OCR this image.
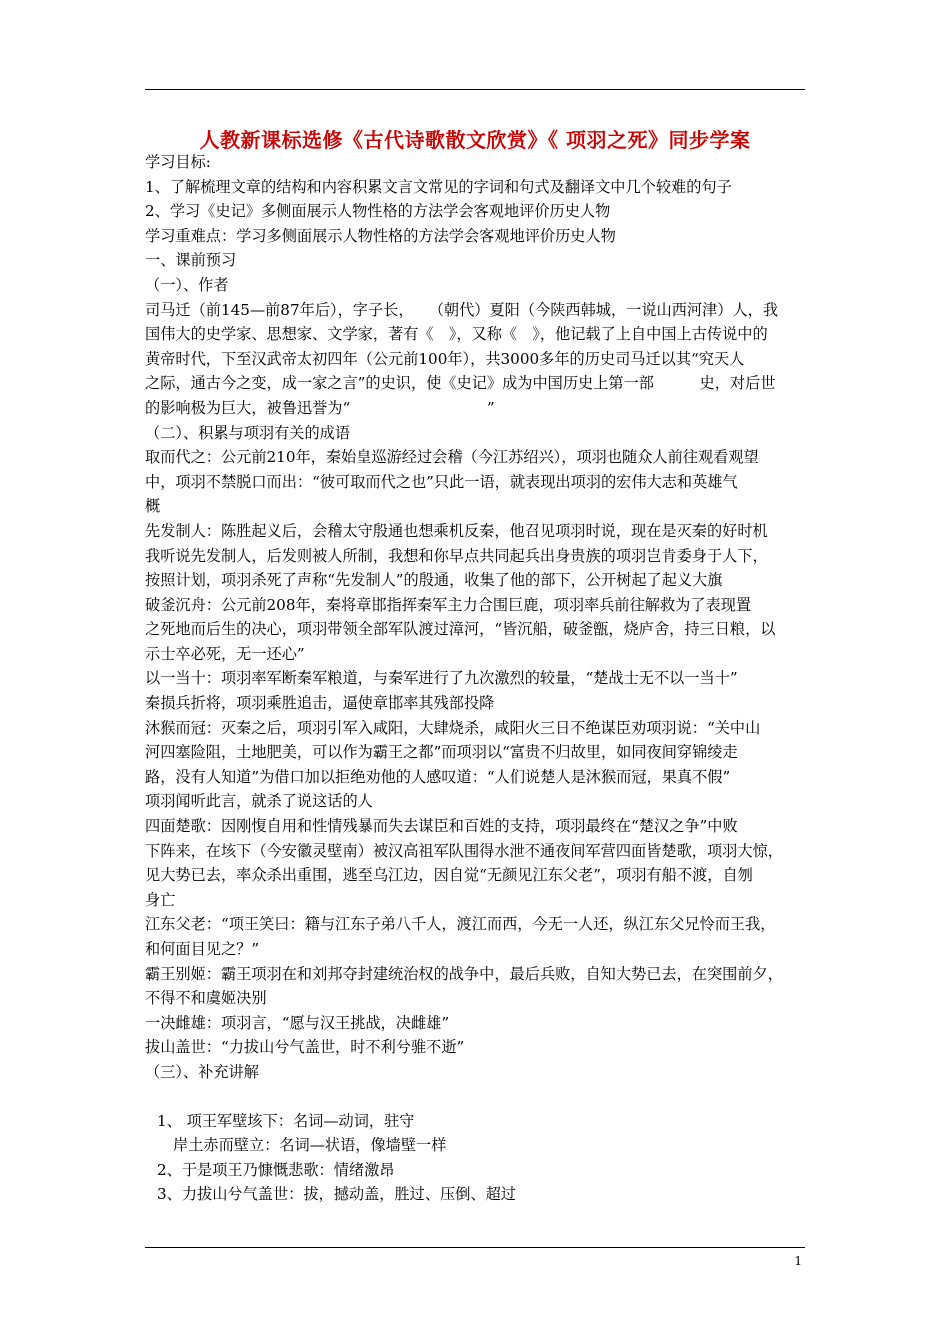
人教新课标选修《古代诗歌散文欣赏》《 项羽之死》同步学案
学习目标:
1、了解梳理文章的结构和内容积累文言文常见的字词和句式及翻译文中几个较难的句子
2、学习《史记》多侧面展示人物性格的方法学会客观地评价历史人物
学习重难点：学习多侧面展示人物性格的方法学会客观地评价历史人物
一、课前预习
（一）、作者
司马迁（前145—前87年后），字子长，　　（朝代）夏阳（今陕西韩城，一说山西河津）人，我
国伟大的史学家、思想家、文学家，著有《　》，又称《　》，他记载了上自中国上古传说中的
黄帝时代，下至汉武帝太初四年（公元前100年），共3000多年的历史司马迁以其“究天人
之际，通古今之变，成一家之言”的史识，使《史记》成为中国历史上第一部　　　史，对后世
的影响极为巨大，被鲁迅誉为“　　　　　　　　　”
（二）、积累与项羽有关的成语
取而代之：公元前210年，秦始皇巡游经过会稽（今江苏绍兴），项羽也随众人前往观看观望
中，项羽不禁脱口而出：“彼可取而代之也”只此一语，就表现出项羽的宏伟大志和英雄气
概
先发制人：陈胜起义后，会稽太守殷通也想乘机反秦，他召见项羽时说，现在是灭秦的好时机
我听说先发制人，后发则被人所制，我想和你早点共同起兵出身贵族的项羽岂肯委身于人下，
按照计划，项羽杀死了声称“先发制人”的殷通，收集了他的部下，公开树起了起义大旗
破釜沉舟：公元前208年，秦将章邯指挥秦军主力合围巨鹿，项羽率兵前往解救为了表现置
之死地而后生的决心，项羽带领全部军队渡过漳河，“皆沉船，破釜甑，烧庐舍，持三日粮，以
示士卒必死，无一还心”
以一当十：项羽率军断秦军粮道，与秦军进行了九次激烈的较量，“楚战士无不以一当十”
秦损兵折将，项羽乘胜追击，逼使章邯率其残部投降
沐猴而冠：灭秦之后，项羽引军入咸阳，大肆烧杀，咸阳火三日不绝谋臣劝项羽说：“关中山
河四塞险阻，土地肥美，可以作为霸王之都”而项羽以“富贵不归故里，如同夜间穿锦绫走
路，没有人知道”为借口加以拒绝劝他的人感叹道：“人们说楚人是沐猴而冠，果真不假”
项羽闻听此言，就杀了说这话的人
四面楚歌：因刚愎自用和性情残暴而失去谋臣和百姓的支持，项羽最终在“楚汉之争”中败
下阵来，在垓下（今安徽灵壁南）被汉高祖军队围得水泄不通夜间军营四面皆楚歌，项羽大惊，
见大势已去，率众杀出重围，逃至乌江边，因自觉“无颜见江东父老”，项羽有船不渡，自刎
身亡
江东父老：“项王笑曰：籍与江东子弟八千人，渡江而西，今无一人还，纵江东父兄怜而王我，
和何面目见之？”
霸王别姬：霸王项羽在和刘邦夺封建统治权的战争中，最后兵败，自知大势已去，在突围前夕，
不得不和虞姬决别
一决雌雄：项羽言，“愿与汉王挑战，决雌雄”
拔山盖世：“力拔山兮气盖世，时不利兮骓不逝”
（三）、补充讲解
1、 项王军壁垓下：名词—动词，驻守
岸土赤而壁立：名词—状语，像墙壁一样
2、于是项王乃慷慨悲歌：情绪激昂
3、力拔山兮气盖世：拔，撼动盖，胜过、压倒、超过
1
